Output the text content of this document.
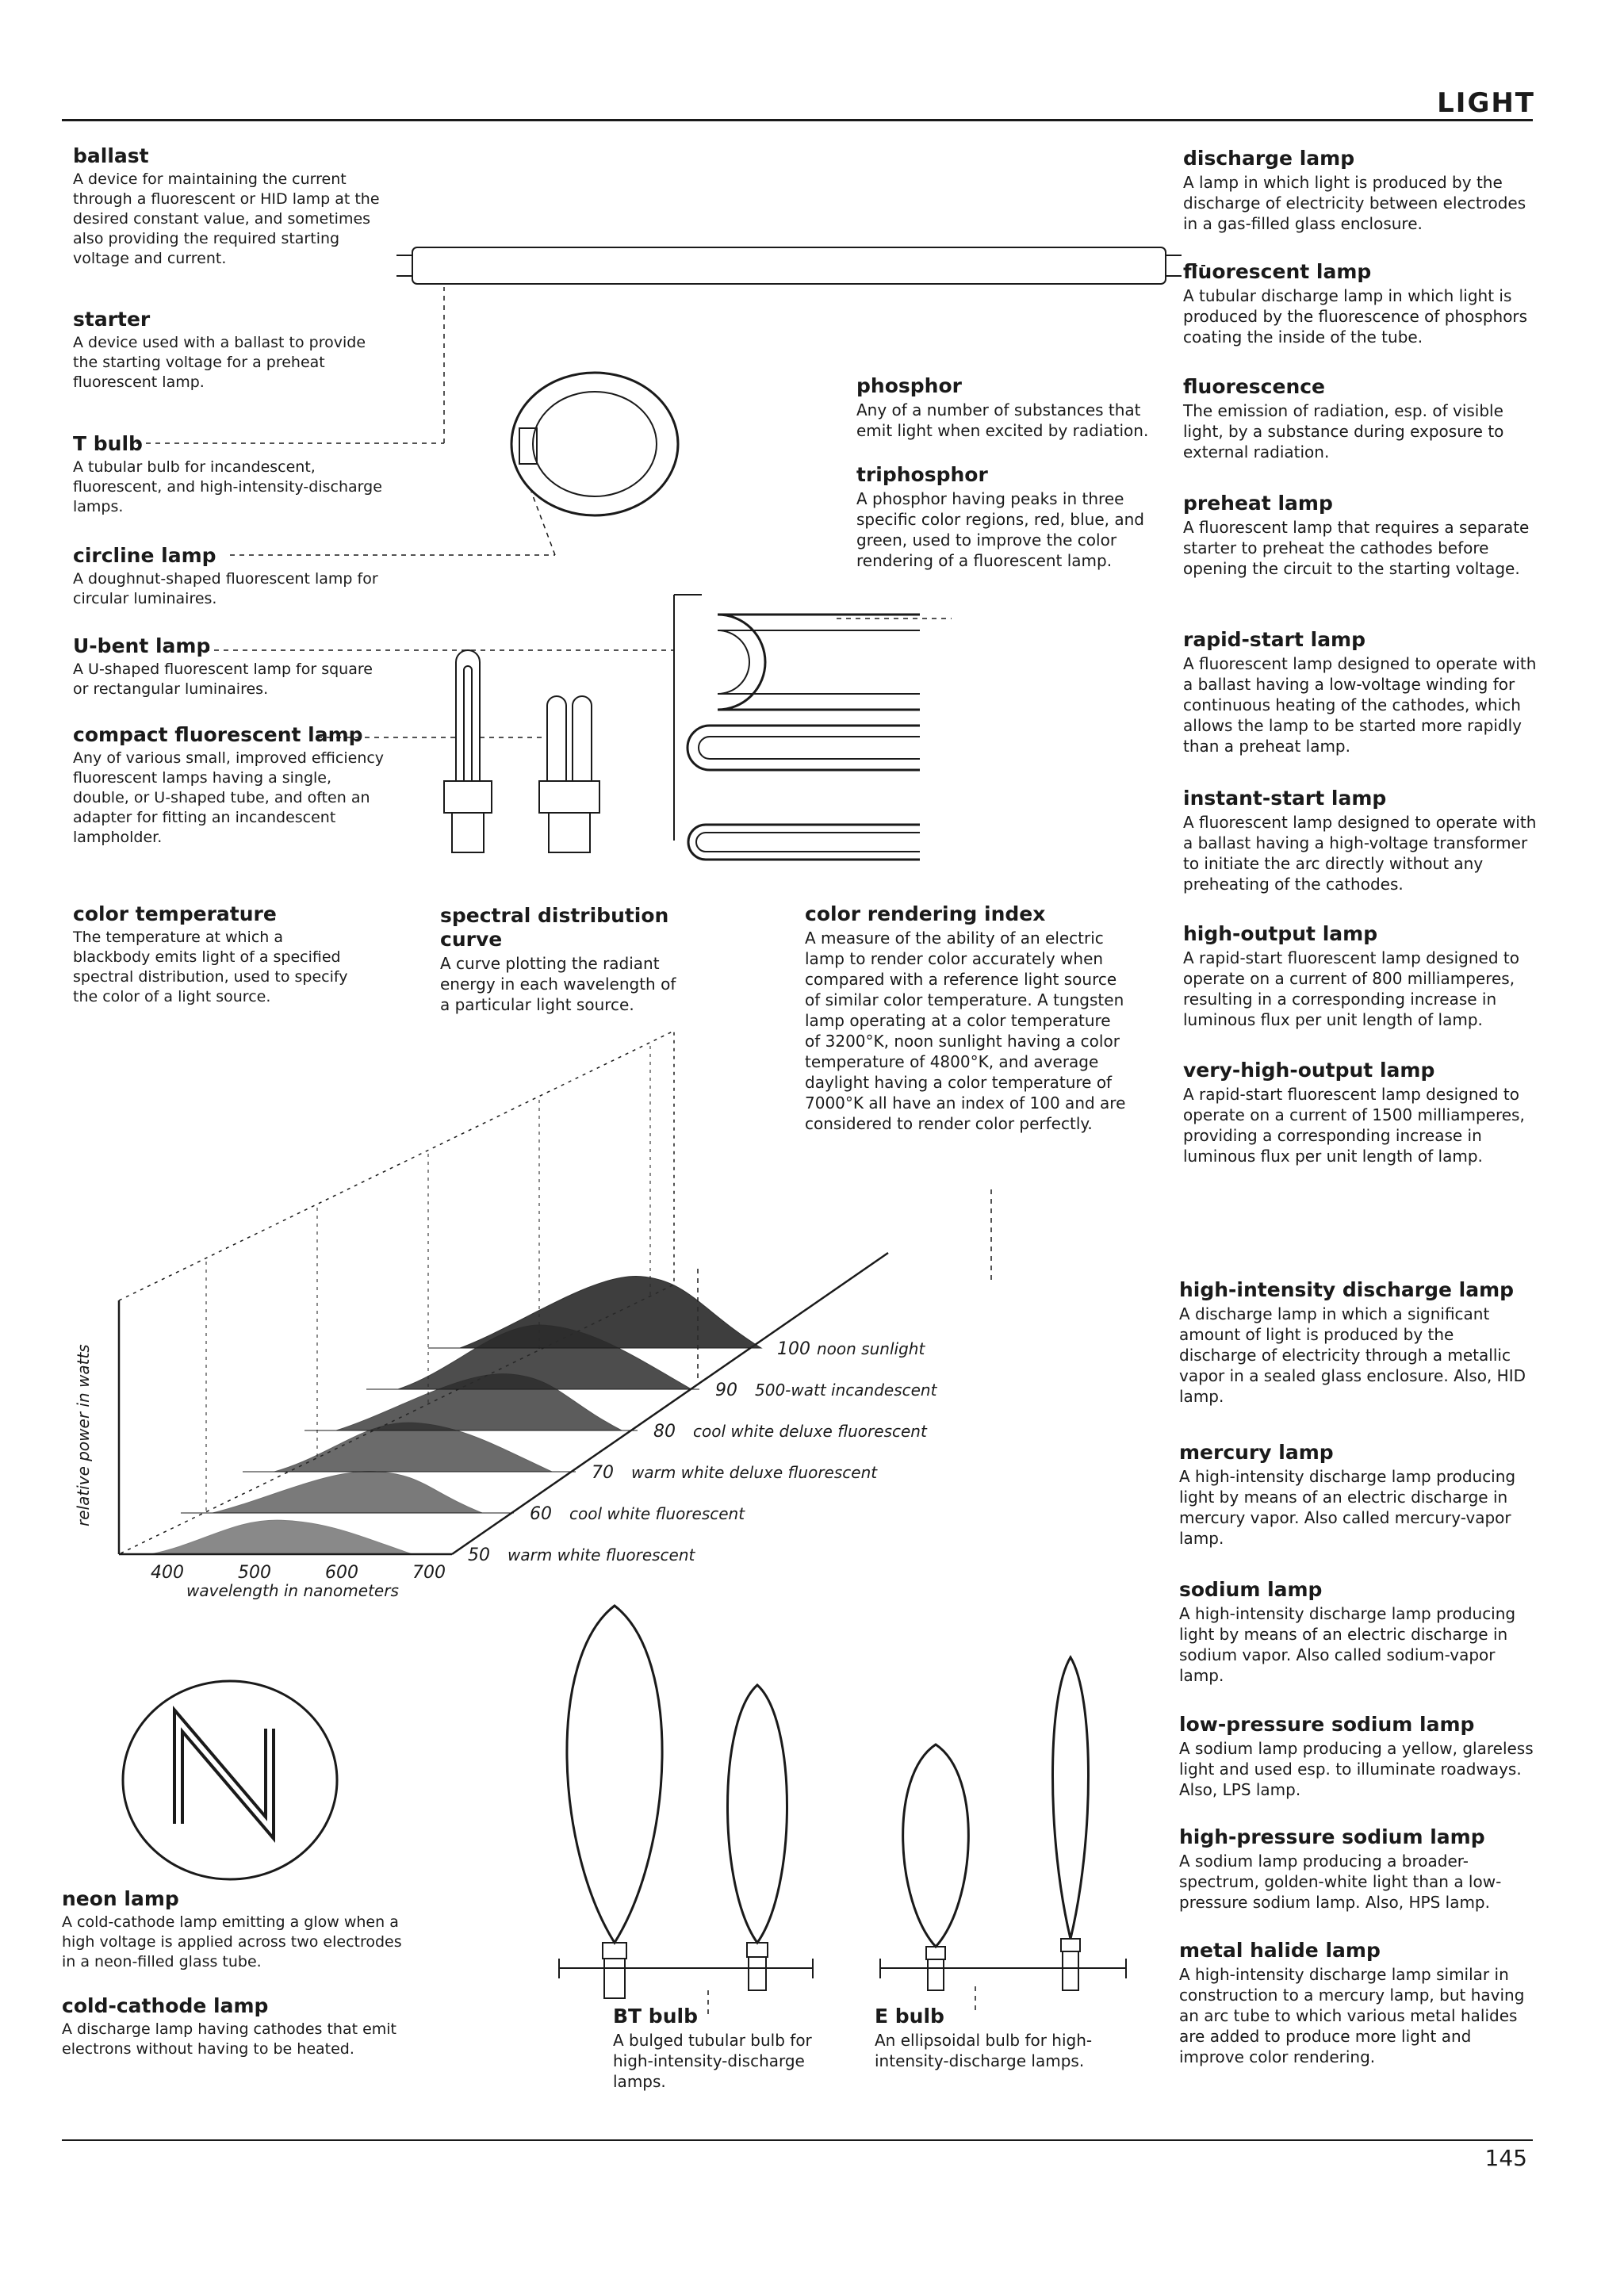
LIGHT
145
relative power in watts
wavelength in nanometers
400	500	600	700
50
60
70
80
90
100
warm white fluorescent
cool white fluorescent
warm white deluxe fluorescent
cool white deluxe fluorescent
500-watt incandescent
noon sunlight
ballast
A device for maintaining the current through a fluorescent or HID lamp at the desired constant value, and sometimes also providing the required starting voltage and current.
starter
A device used with a ballast to provide the starting voltage for a preheat fluorescent lamp.
T bulb
A tubular bulb for incandescent, fluorescent, and high-intensity-discharge lamps.
circline lamp
A doughnut-shaped fluorescent lamp for circular luminaires.
U-bent lamp
A U-shaped fluorescent lamp for square or rectangular luminaires.
compact fluorescent lamp
Any of various small, improved efficiency fluorescent lamps having a single, double, or U-shaped tube, and often an adapter for fitting an incandescent lampholder.
color temperature
The temperature at which a blackbody emits light of a specified spectral distribution, used to specify the color of a light source.
neon lamp
A cold-cathode lamp emitting a glow when a high voltage is applied across two electrodes in a neon-filled glass tube.
cold-cathode lamp
A discharge lamp having cathodes that emit electrons without having to be heated.
phosphor
Any of a number of substances that emit light when excited by radiation.
triphosphor
A phosphor having peaks in three specific color regions, red, blue, and green, used to improve the color rendering of a fluorescent lamp.
spectral distribution curve
A curve plotting the radiant energy in each wavelength of a particular light source.
color rendering index
A measure of the ability of an electric lamp to render color accurately when compared with a reference light source of similar color temperature. A tungsten lamp operating at a color temperature of 3200°K, noon sunlight having a color temperature of 4800°K, and average daylight having a color temperature of 7000°K all have an index of 100 and are considered to render color perfectly.
BT bulb
A bulged tubular bulb for high-intensity-discharge lamps.
E bulb
An ellipsoidal bulb for high-intensity-discharge lamps.
discharge lamp
A lamp in which light is produced by the discharge of electricity between electrodes in a gas-filled glass enclosure.
fluorescent lamp
A tubular discharge lamp in which light is produced by the fluorescence of phosphors coating the inside of the tube.
fluorescence
The emission of radiation, esp. of visible light, by a substance during exposure to external radiation.
preheat lamp
A fluorescent lamp that requires a separate starter to preheat the cathodes before opening the circuit to the starting voltage.
rapid-start lamp
A fluorescent lamp designed to operate with a ballast having a low-voltage winding for continuous heating of the cathodes, which allows the lamp to be started more rapidly than a preheat lamp.
instant-start lamp
A fluorescent lamp designed to operate with a ballast having a high-voltage transformer to initiate the arc directly without any preheating of the cathodes.
high-output lamp
A rapid-start fluorescent lamp designed to operate on a current of 800 milliamperes, resulting in a corresponding increase in luminous flux per unit length of lamp.
very-high-output lamp
A rapid-start fluorescent lamp designed to operate on a current of 1500 milliamperes, providing a corresponding increase in luminous flux per unit length of lamp.
high-intensity discharge lamp
A discharge lamp in which a significant amount of light is produced by the discharge of electricity through a metallic vapor in a sealed glass enclosure. Also, HID lamp.
mercury lamp
A high-intensity discharge lamp producing light by means of an electric discharge in mercury vapor. Also called mercury-vapor lamp.
sodium lamp
A high-intensity discharge lamp producing light by means of an electric discharge in sodium vapor. Also called sodium-vapor lamp.
low-pressure sodium lamp
A sodium lamp producing a yellow, glareless light and used esp. to illuminate roadways. Also, LPS lamp.
high-pressure sodium lamp
A sodium lamp producing a broader-spectrum, golden-white light than a low-pressure sodium lamp. Also, HPS lamp.
metal halide lamp
A high-intensity discharge lamp similar in construction to a mercury lamp, but having an arc tube to which various metal halides are added to produce more light and improve color rendering.
